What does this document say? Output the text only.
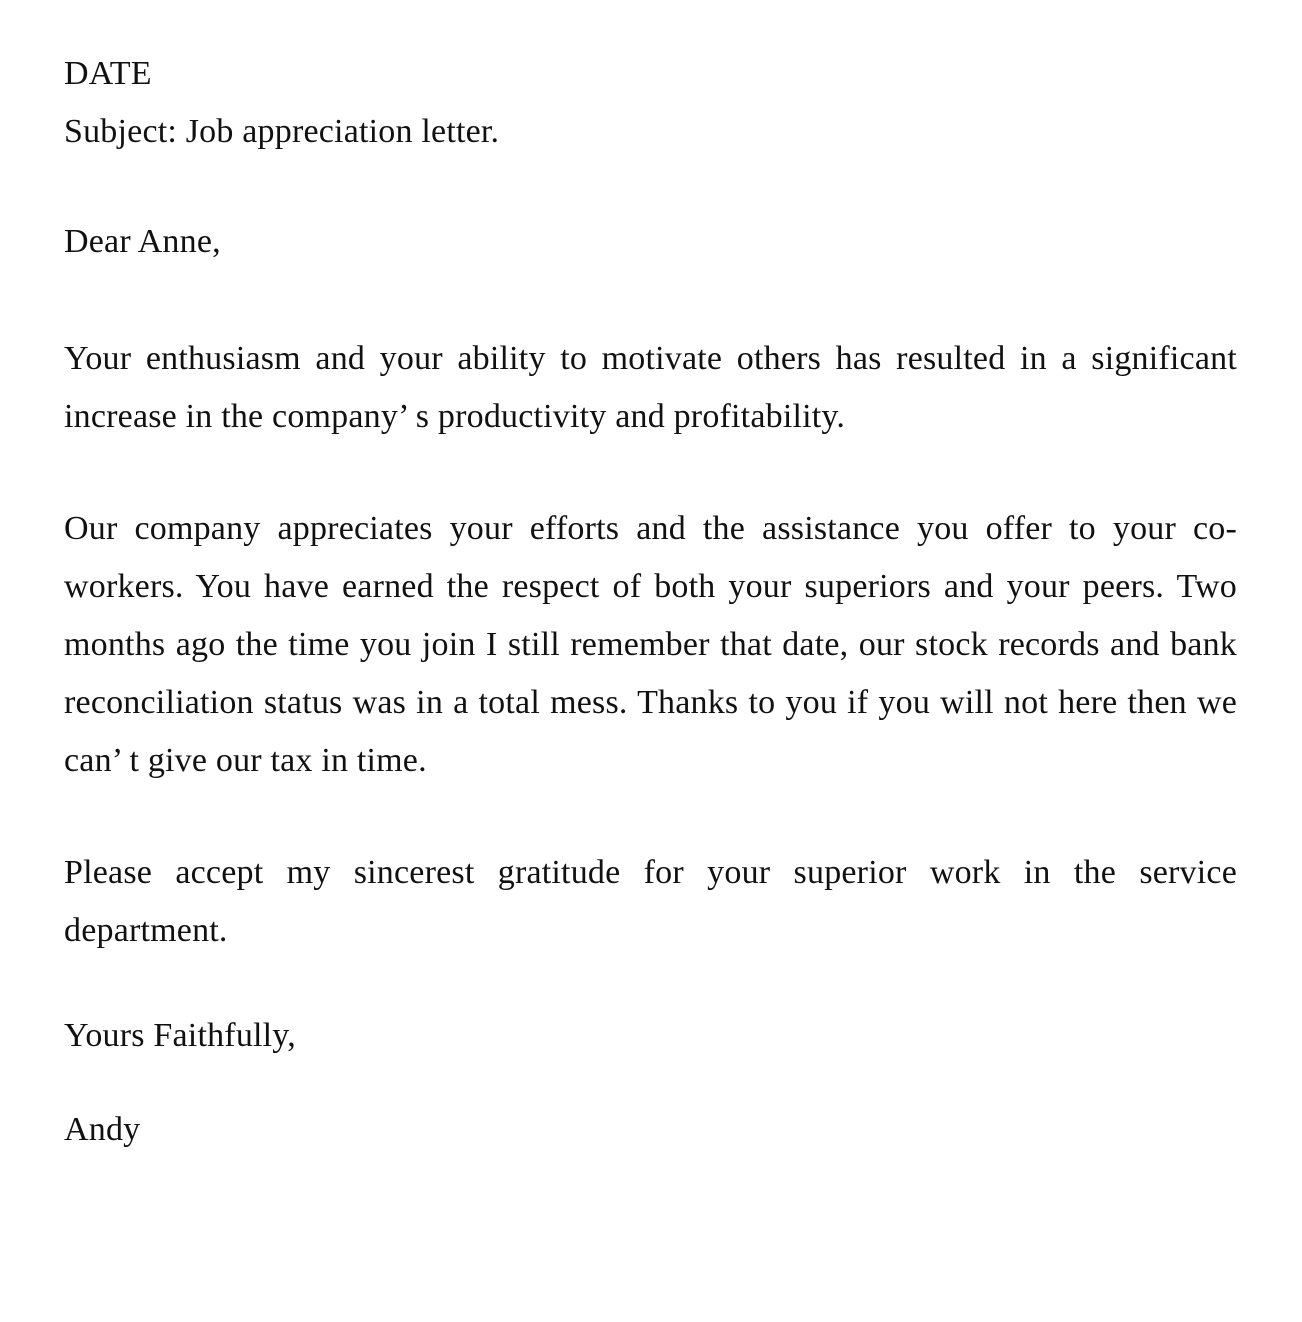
DATE

Subject: Job appreciation letter.

Dear Anne,

Your enthusiasm and your ability to motivate others has resulted in a significant increase in the company’ s productivity and profitability.

Our company appreciates your efforts and the assistance you offer to your co-workers. You have earned the respect of both your superiors and your peers. Two months ago the time you join I still remember that date, our stock records and bank reconciliation status was in a total mess. Thanks to you if you will not here then we can’ t give our tax in time.

Please accept my sincerest gratitude for your superior work in the service department.

Yours Faithfully,

Andy
